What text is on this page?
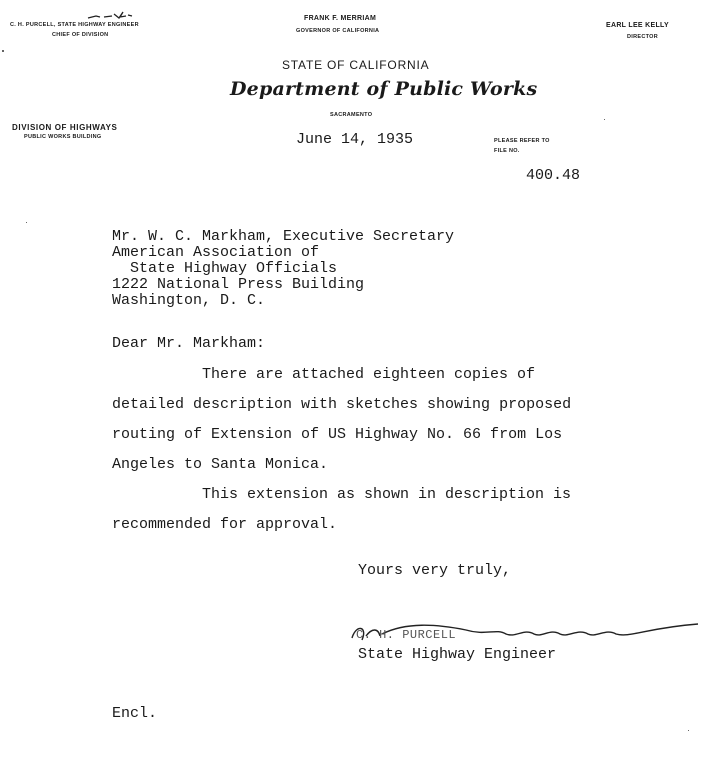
C. H. PURCELL, STATE HIGHWAY ENGINEER
CHIEF OF DIVISION
FRANK F. MERRIAM
GOVERNOR OF CALIFORNIA
EARL LEE KELLY
DIRECTOR
STATE OF CALIFORNIA
Department of Public Works
SACRAMENTO
DIVISION OF HIGHWAYS
PUBLIC WORKS BUILDING	June 14, 1935	PLEASE REFER TO
FILE NO.
400.48
Mr. W. C. Markham, Executive Secretary
American Association of
State Highway Officials
1222 National Press Building
Washington, D. C.
Dear Mr. Markham:
There are attached eighteen copies of
detailed description with sketches showing proposed
routing of Extension of US Highway No. 66 from Los
Angeles to Santa Monica.
This extension as shown in description is
recommended for approval.
Yours very truly,
C. H. PURCELL
State Highway Engineer
Encl.
